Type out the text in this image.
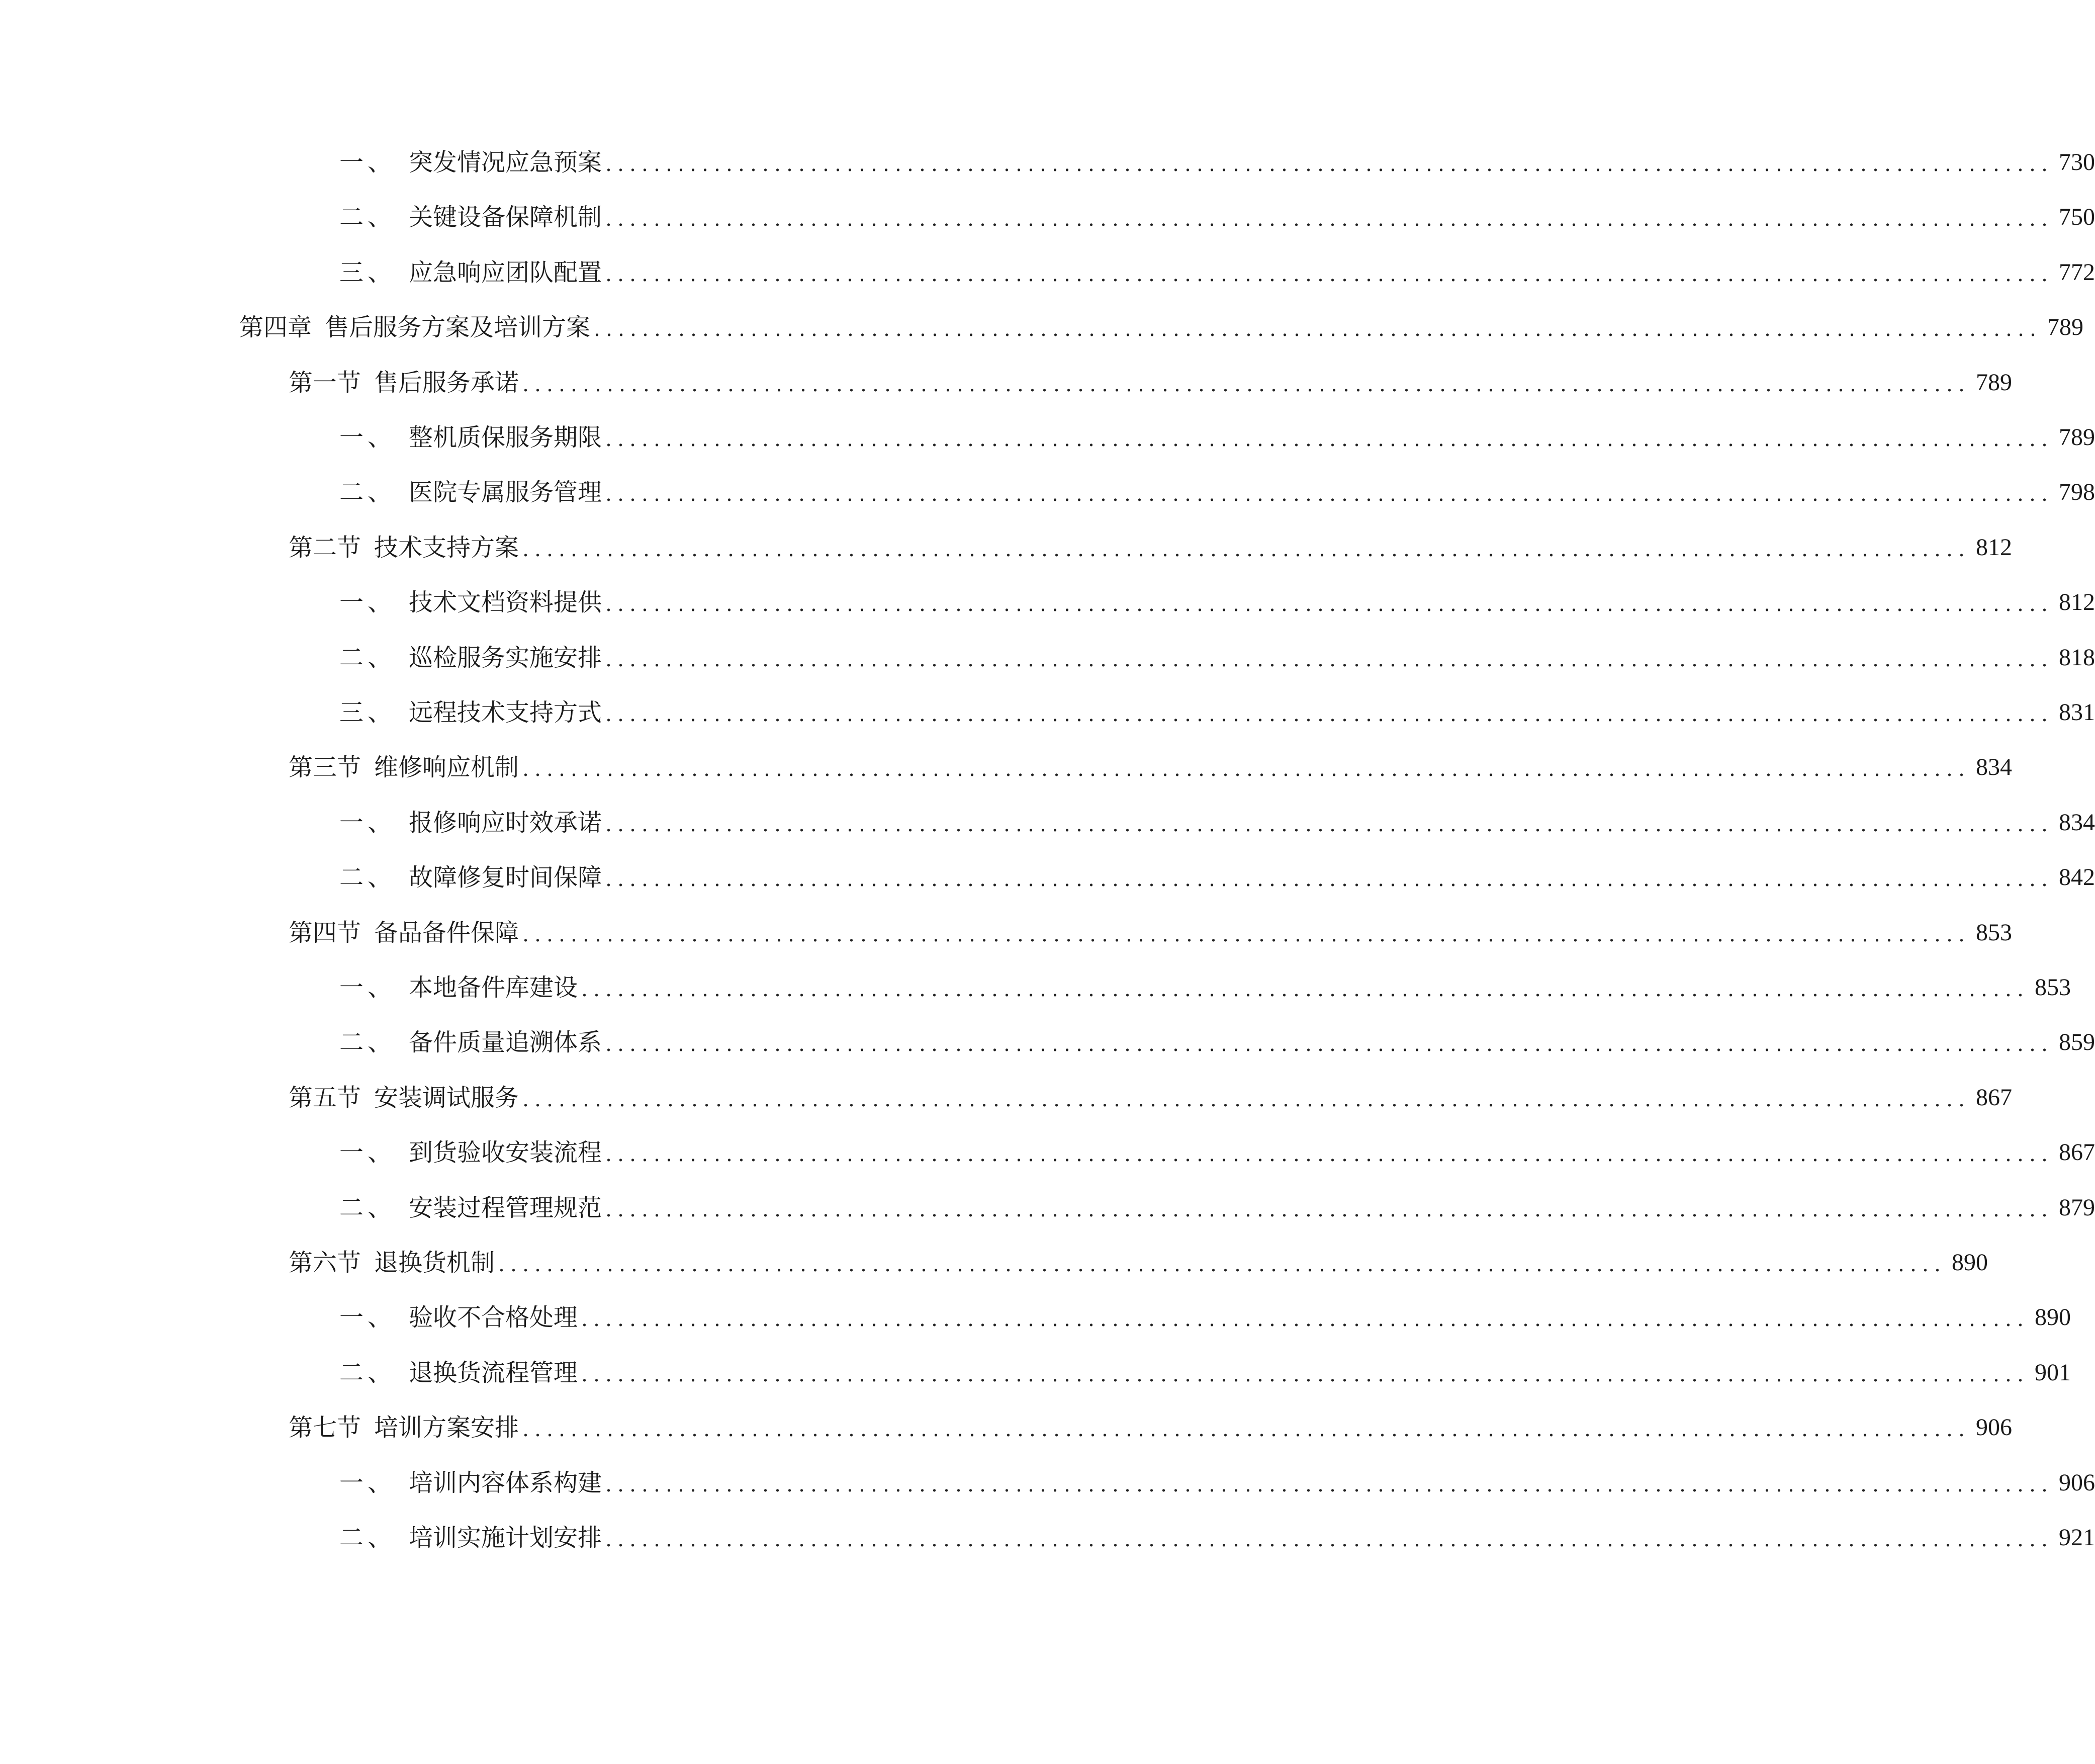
一、 突发情况应急预案 ........................................................................................................................ 730
二、 关键设备保障机制 ........................................................................................................................ 750
三、 应急响应团队配置 ........................................................................................................................ 772
第四章 售后服务方案及培训方案 ........................................................................................................................ 789
第一节 售后服务承诺 ........................................................................................................................ 789
一、 整机质保服务期限 ........................................................................................................................ 789
二、 医院专属服务管理 ........................................................................................................................ 798
第二节 技术支持方案 ........................................................................................................................ 812
一、 技术文档资料提供 ........................................................................................................................ 812
二、 巡检服务实施安排 ........................................................................................................................ 818
三、 远程技术支持方式 ........................................................................................................................ 831
第三节 维修响应机制 ........................................................................................................................ 834
一、 报修响应时效承诺 ........................................................................................................................ 834
二、 故障修复时间保障 ........................................................................................................................ 842
第四节 备品备件保障 ........................................................................................................................ 853
一、 本地备件库建设 ........................................................................................................................ 853
二、 备件质量追溯体系 ........................................................................................................................ 859
第五节 安装调试服务 ........................................................................................................................ 867
一、 到货验收安装流程 ........................................................................................................................ 867
二、 安装过程管理规范 ........................................................................................................................ 879
第六节 退换货机制 ........................................................................................................................ 890
一、 验收不合格处理 ........................................................................................................................ 890
二、 退换货流程管理 ........................................................................................................................ 901
第七节 培训方案安排 ........................................................................................................................ 906
一、 培训内容体系构建 ........................................................................................................................ 906
二、 培训实施计划安排 ........................................................................................................................ 921
